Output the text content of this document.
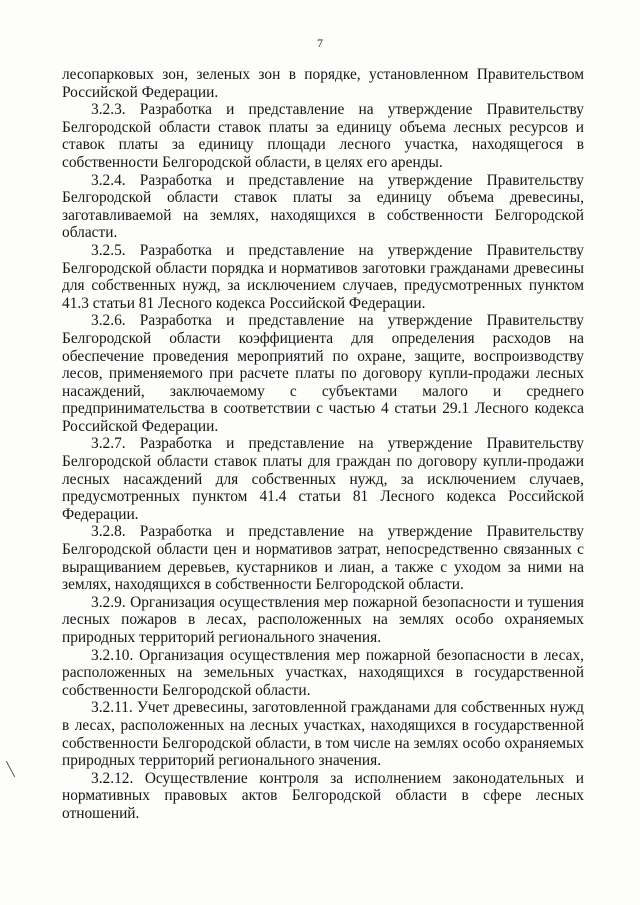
7

лесопарковых зон, зеленых зон в порядке, установленном Правительством Российской Федерации.

3.2.3. Разработка и представление на утверждение Правительству Белгородской области ставок платы за единицу объема лесных ресурсов и ставок платы за единицу площади лесного участка, находящегося в собственности Белгородской области, в целях его аренды.

3.2.4. Разработка и представление на утверждение Правительству Белгородской области ставок платы за единицу объема древесины, заготавливаемой на землях, находящихся в собственности Белгородской области.

3.2.5. Разработка и представление на утверждение Правительству Белгородской области порядка и нормативов заготовки гражданами древесины для собственных нужд, за исключением случаев, предусмотренных пунктом 41.3 статьи 81 Лесного кодекса Российской Федерации.

3.2.6. Разработка и представление на утверждение Правительству Белгородской области коэффициента для определения расходов на обеспечение проведения мероприятий по охране, защите, воспроизводству лесов, применяемого при расчете платы по договору купли-продажи лесных насаждений, заключаемому с субъектами малого и среднего предпринимательства в соответствии с частью 4 статьи 29.1 Лесного кодекса Российской Федерации.

3.2.7. Разработка и представление на утверждение Правительству Белгородской области ставок платы для граждан по договору купли-продажи лесных насаждений для собственных нужд, за исключением случаев, предусмотренных пунктом 41.4 статьи 81 Лесного кодекса Российской Федерации.

3.2.8. Разработка и представление на утверждение Правительству Белгородской области цен и нормативов затрат, непосредственно связанных с выращиванием деревьев, кустарников и лиан, а также с уходом за ними на землях, находящихся в собственности Белгородской области.

3.2.9. Организация осуществления мер пожарной безопасности и тушения лесных пожаров в лесах, расположенных на землях особо охраняемых природных территорий регионального значения.

3.2.10. Организация осуществления мер пожарной безопасности в лесах, расположенных на земельных участках, находящихся в государственной собственности Белгородской области.

3.2.11. Учет древесины, заготовленной гражданами для собственных нужд в лесах, расположенных на лесных участках, находящихся в государственной собственности Белгородской области, в том числе на землях особо охраняемых природных территорий регионального значения.

3.2.12. Осуществление контроля за исполнением законодательных и нормативных правовых актов Белгородской области в сфере лесных отношений.
